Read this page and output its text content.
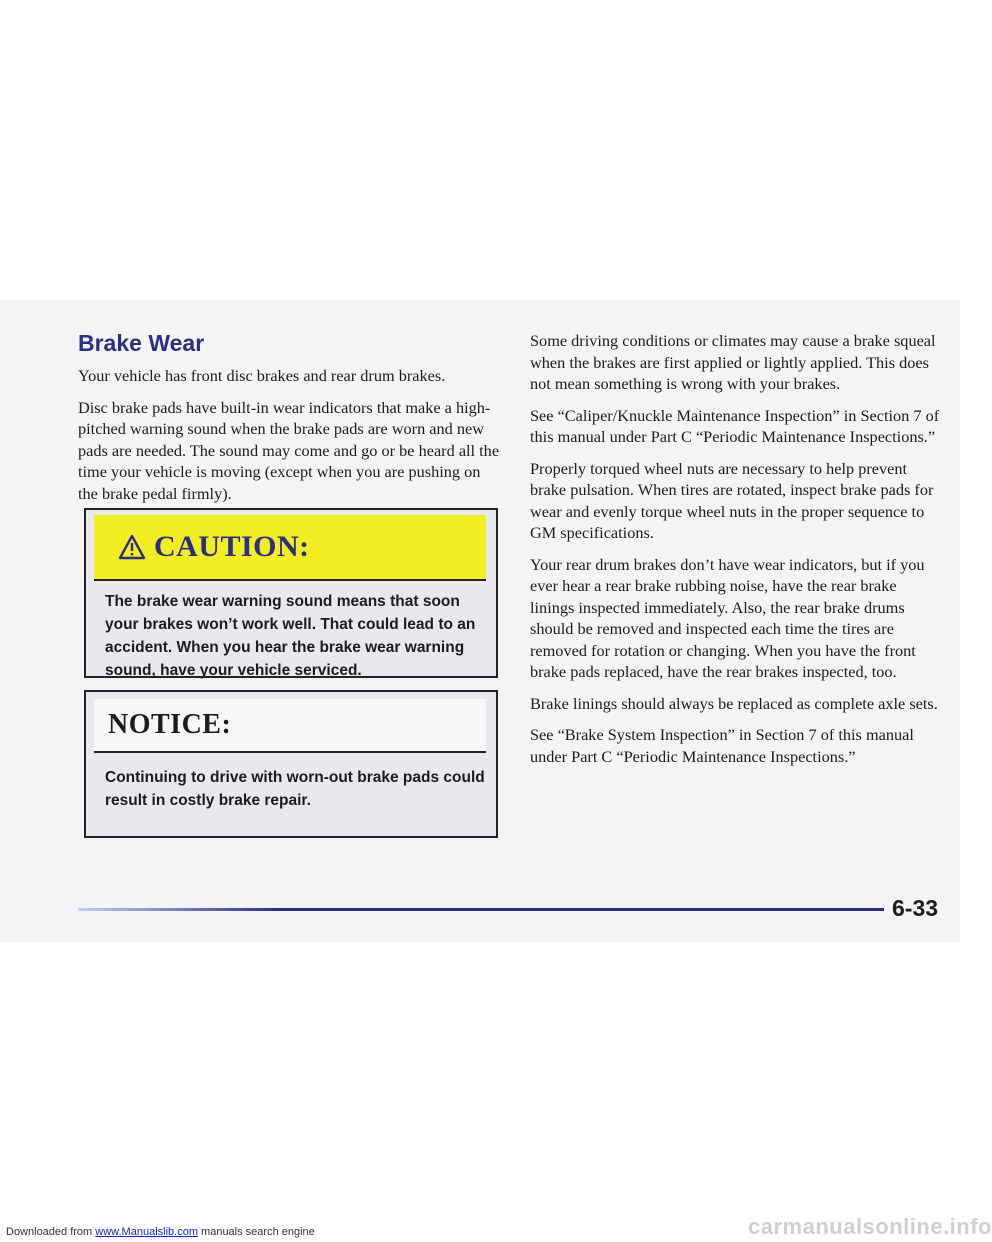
Brake Wear

Your vehicle has front disc brakes and rear drum brakes.

Disc brake pads have built-in wear indicators that make a high-pitched warning sound when the brake pads are worn and new pads are needed. The sound may come and go or be heard all the time your vehicle is moving (except when you are pushing on the brake pedal firmly).

CAUTION:
The brake wear warning sound means that soon your brakes won’t work well. That could lead to an accident. When you hear the brake wear warning sound, have your vehicle serviced.
NOTICE:
Continuing to drive with worn-out brake pads could result in costly brake repair.

Some driving conditions or climates may cause a brake squeal when the brakes are first applied or lightly applied. This does not mean something is wrong with your brakes.

See “Caliper/Knuckle Maintenance Inspection” in Section 7 of this manual under Part C “Periodic Maintenance Inspections.”

Properly torqued wheel nuts are necessary to help prevent brake pulsation. When tires are rotated, inspect brake pads for wear and evenly torque wheel nuts in the proper sequence to GM specifications.

Your rear drum brakes don’t have wear indicators, but if you ever hear a rear brake rubbing noise, have the rear brake linings inspected immediately. Also, the rear brake drums should be removed and inspected each time the tires are removed for rotation or changing. When you have the front brake pads replaced, have the rear brakes inspected, too.

Brake linings should always be replaced as complete axle sets.

See “Brake System Inspection” in Section 7 of this manual under Part C “Periodic Maintenance Inspections.”

6-33
Downloaded from www.Manualslib.com manuals search engine	carmanualsonline.info
